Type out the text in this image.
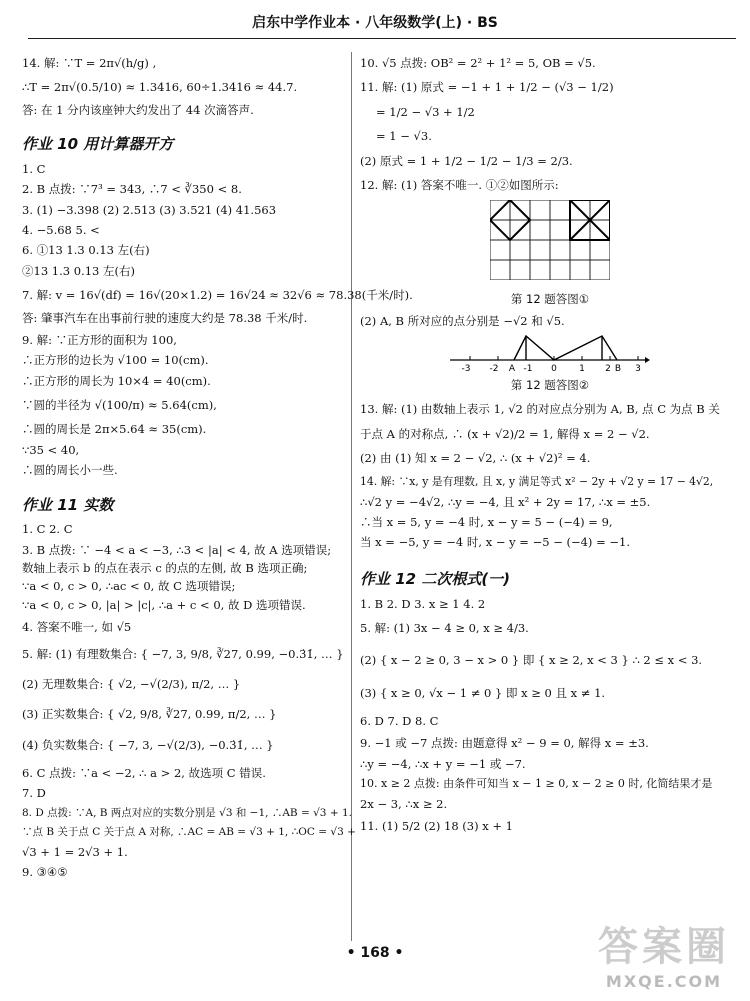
启东中学作业本 · 八年级数学(上) · BS
14. 解: ∵T = 2π√(h/g) ,
∴T = 2π√(0.5/10) ≈ 1.3416, 60÷1.3416 ≈ 44.7.
答: 在 1 分内该座钟大约发出了 44 次滴答声.
作业 10 用计算器开方
1. C
2. B 点拨: ∵7³ = 343, ∴7 < ∛350 < 8.
3. (1) −3.398 (2) 2.513 (3) 3.521 (4) 41.563
4. −5.68 5. <
6. ①13 1.3 0.13 左(右)
②13 1.3 0.13 左(右)
7. 解: v = 16√(df) = 16√(20×1.2) = 16√24 ≈ 32√6 ≈ 78.38(千米/时).
答: 肇事汽车在出事前行驶的速度大约是 78.38 千米/时.
9. 解: ∵正方形的面积为 100,
∴正方形的边长为 √100 = 10(cm).
∴正方形的周长为 10×4 = 40(cm).
∵圆的半径为 √(100/π) ≈ 5.64(cm),
∴圆的周长是 2π×5.64 ≈ 35(cm).
∵35 < 40,
∴圆的周长小一些.
作业 11 实数
1. C 2. C
3. B 点拨: ∵ −4 < a < −3, ∴3 < |a| < 4, 故 A 选项错误;
数轴上表示 b 的点在表示 c 的点的左侧, 故 B 选项正确;
∵a < 0, c > 0, ∴ac < 0, 故 C 选项错误;
∵a < 0, c > 0, |a| > |c|, ∴a + c < 0, 故 D 选项错误.
4. 答案不唯一, 如 √5
5. 解: (1) 有理数集合: { −7, 3, 9/8, ∛27, 0.99, −0.3̇1̇, … }
(2) 无理数集合: { √2, −√(2/3), π/2, … }
(3) 正实数集合: { √2, 9/8, ∛27, 0.99, π/2, … }
(4) 负实数集合: { −7, 3, −√(2/3), −0.3̇1̇, … }
6. C 点拨: ∵a < −2, ∴ a > 2, 故选项 C 错误.
7. D
8. D 点拨: ∵A, B 两点对应的实数分别是 √3 和 −1, ∴AB = √3 + 1.
∵点 B 关于点 C 关于点 A 对称, ∴AC = AB = √3 + 1, ∴OC = √3 +
√3 + 1 = 2√3 + 1.
9. ③④⑤
10. √5 点拨: OB² = 2² + 1² = 5, OB = √5.
11. 解: (1) 原式 = −1 + 1 + 1/2 − (√3 − 1/2)
= 1/2 − √3 + 1/2
= 1 − √3.
(2) 原式 = 1 + 1/2 − 1/2 − 1/3 = 2/3.
12. 解: (1) 答案不唯一. ①②如图所示:
第 12 题答图①
(2) A, B 所对应的点分别是 −√2 和 √5.
-3 -2 A -1 0 1 2 B 3
第 12 题答图②
13. 解: (1) 由数轴上表示 1, √2 的对应点分别为 A, B, 点 C 为点 B 关
于点 A 的对称点, ∴ (x + √2)/2 = 1, 解得 x = 2 − √2.
(2) 由 (1) 知 x = 2 − √2, ∴ (x + √2)² = 4.
14. 解: ∵x, y 是有理数, 且 x, y 满足等式 x² − 2y + √2 y = 17 − 4√2,
∴√2 y = −4√2, ∴y = −4, 且 x² + 2y = 17, ∴x = ±5.
∴当 x = 5, y = −4 时, x − y = 5 − (−4) = 9,
当 x = −5, y = −4 时, x − y = −5 − (−4) = −1.
作业 12 二次根式(一)
1. B 2. D 3. x ≥ 1 4. 2
5. 解: (1) 3x − 4 ≥ 0, x ≥ 4/3.
(2) { x − 2 ≥ 0, 3 − x > 0 } 即 { x ≥ 2, x < 3 } ∴ 2 ≤ x < 3.
(3) { x ≥ 0, √x − 1 ≠ 0 } 即 x ≥ 0 且 x ≠ 1.
6. D 7. D 8. C
9. −1 或 −7 点拨: 由题意得 x² − 9 = 0, 解得 x = ±3.
∴y = −4, ∴x + y = −1 或 −7.
10. x ≥ 2 点拨: 由条件可知当 x − 1 ≥ 0, x − 2 ≥ 0 时, 化简结果才是
2x − 3, ∴x ≥ 2.
11. (1) 5/2 (2) 18 (3) x + 1
• 168 •	答案圈
MXQE.COM
